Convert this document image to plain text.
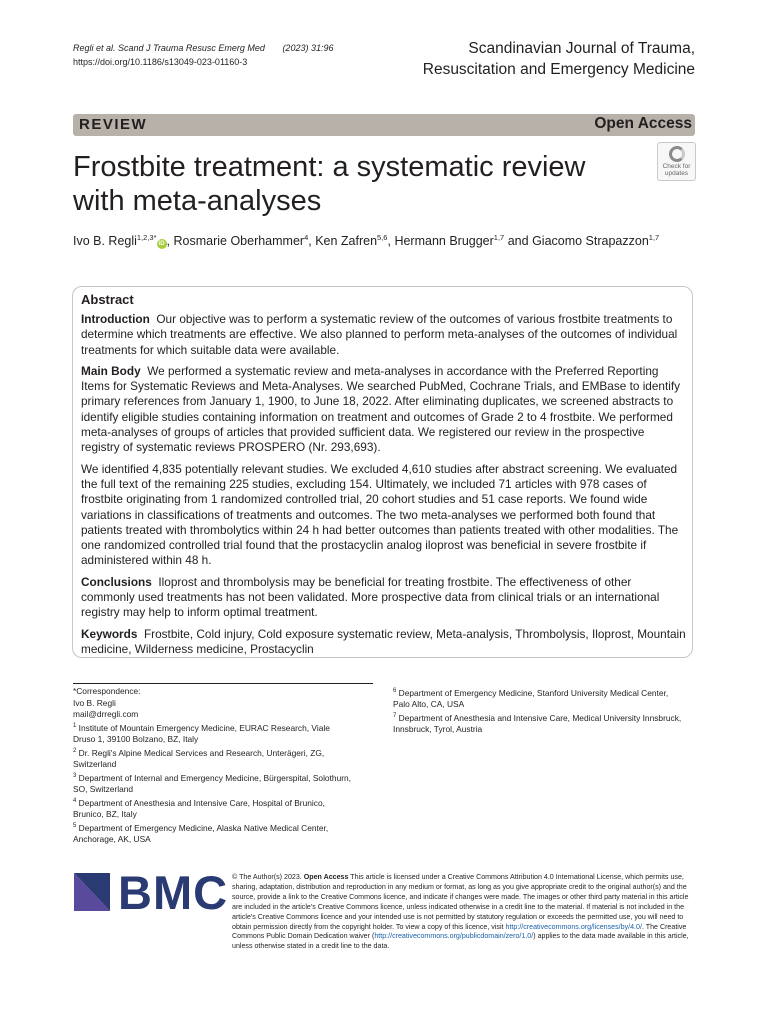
Regli et al. Scand J Trauma Resusc Emerg Med (2023) 31:96
https://doi.org/10.1186/s13049-023-01160-3
Scandinavian Journal of Trauma,
Resuscitation and Emergency Medicine
REVIEW	Open Access
Frostbite treatment: a systematic review with meta-analyses
Check for
updates
Ivo B. Regli$^{1,2,3*}$iD , Rosmarie Oberhammer$^4$, Ken Zafren$^{5,6}$, Hermann Brugger$^{1,7}$ and Giacomo Strapazzon$^{1,7}$
Abstract

Introduction Our objective was to perform a systematic review of the outcomes of various frostbite treatments to determine which treatments are effective. We also planned to perform meta-analyses of the outcomes of individual treatments for which suitable data were available.

Main Body We performed a systematic review and meta-analyses in accordance with the Preferred Reporting Items for Systematic Reviews and Meta-Analyses. We searched PubMed, Cochrane Trials, and EMBase to identify primary references from January 1, 1900, to June 18, 2022. After eliminating duplicates, we screened abstracts to identify eligible studies containing information on treatment and outcomes of Grade 2 to 4 frostbite. We performed meta-analyses of groups of articles that provided sufficient data. We registered our review in the prospective registry of systematic reviews PROSPERO (Nr. 293,693).

We identified 4,835 potentially relevant studies. We excluded 4,610 studies after abstract screening. We evaluated the full text of the remaining 225 studies, excluding 154. Ultimately, we included 71 articles with 978 cases of frostbite originating from 1 randomized controlled trial, 20 cohort studies and 51 case reports. We found wide variations in classifications of treatments and outcomes. The two meta-analyses we performed both found that patients treated with thrombolytics within 24 h had better outcomes than patients treated with other modalities. The one randomized controlled trial found that the prostacyclin analog iloprost was beneficial in severe frostbite if administered within 48 h.

Conclusions Iloprost and thrombolysis may be beneficial for treating frostbite. The effectiveness of other commonly used treatments has not been validated. More prospective data from clinical trials or an international registry may help to inform optimal treatment.

Keywords Frostbite, Cold injury, Cold exposure systematic review, Meta-analysis, Thrombolysis, Iloprost, Mountain medicine, Wilderness medicine, Prostacyclin

*Correspondence:
Ivo B. Regli
mail@drregli.com
$^1$ Institute of Mountain Emergency Medicine, EURAC Research, Viale Druso 1, 39100 Bolzano, BZ, Italy
$^2$ Dr. Regli's Alpine Medical Services and Research, Unterägeri, ZG, Switzerland
$^3$ Department of Internal and Emergency Medicine, Bürgerspital, Solothurn, SO, Switzerland
$^4$ Department of Anesthesia and Intensive Care, Hospital of Brunico, Brunico, BZ, Italy
$^5$ Department of Emergency Medicine, Alaska Native Medical Center, Anchorage, AK, USA
$^6$ Department of Emergency Medicine, Stanford University Medical Center, Palo Alto, CA, USA
$^7$ Department of Anesthesia and Intensive Care, Medical University Innsbruck, Innsbruck, Tyrol, Austria
BMC © The Author(s) 2023. Open Access This article is licensed under a Creative Commons Attribution 4.0 International License, which permits use, sharing, adaptation, distribution and reproduction in any medium or format, as long as you give appropriate credit to the original author(s) and the source, provide a link to the Creative Commons licence, and indicate if changes were made. The images or other third party material in this article are included in the article's Creative Commons licence, unless indicated otherwise in a credit line to the material. If material is not included in the article's Creative Commons licence and your intended use is not permitted by statutory regulation or exceeds the permitted use, you will need to obtain permission directly from the copyright holder. To view a copy of this licence, visit http://creativecommons.org/licenses/by/4.0/. The Creative Commons Public Domain Dedication waiver (http://creativecommons.org/publicdomain/zero/1.0/) applies to the data made available in this article, unless otherwise stated in a credit line to the data.
